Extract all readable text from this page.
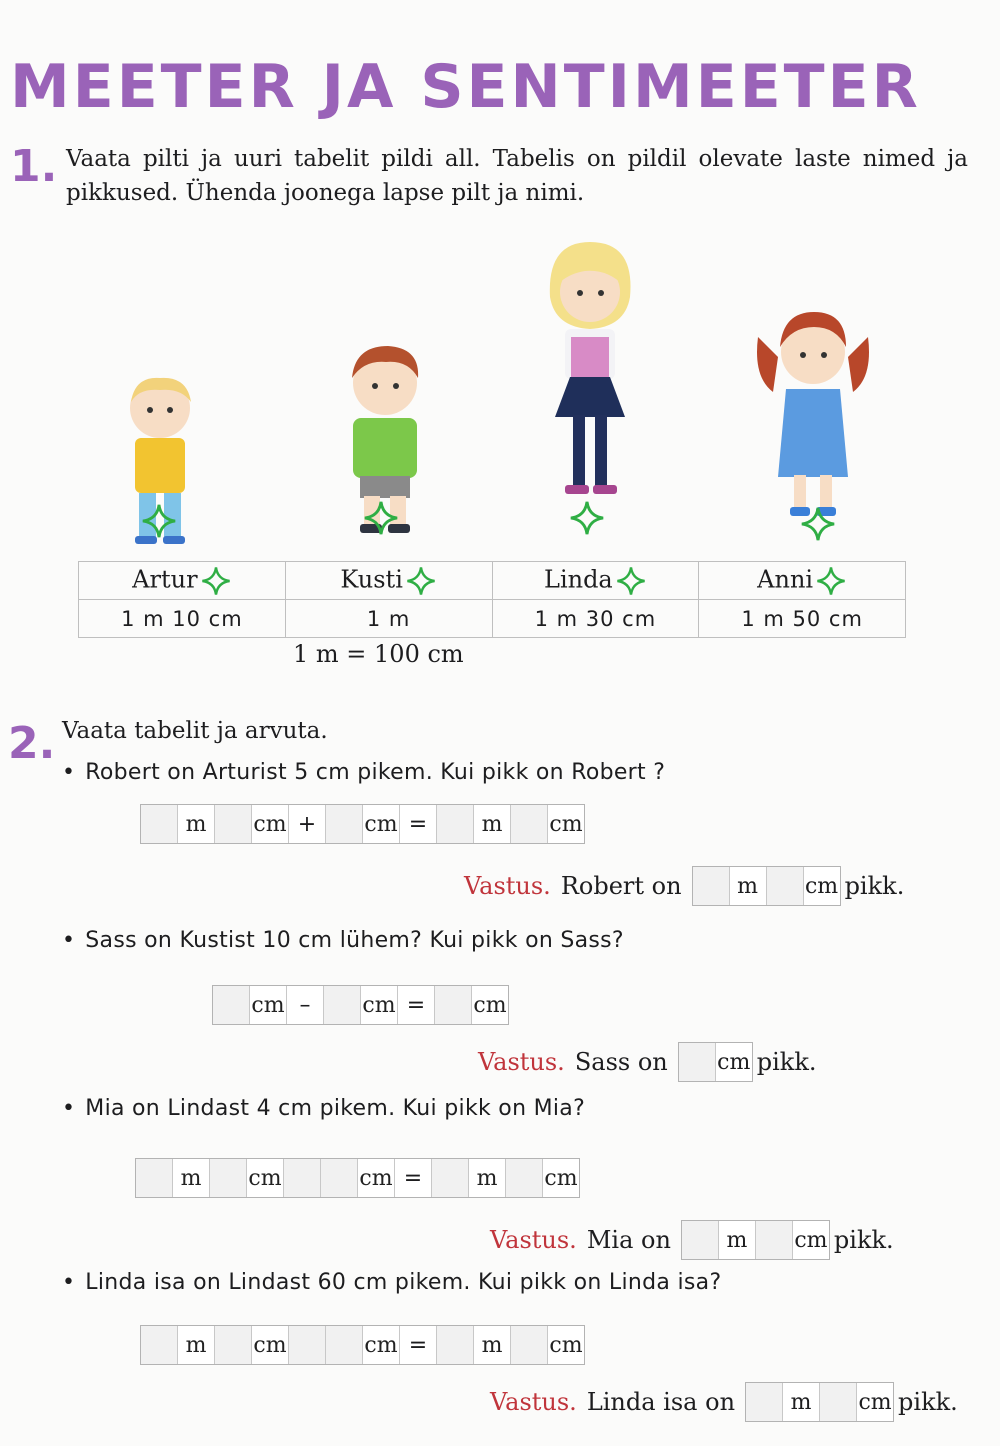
MEETER JA SENTIMEETER
1. Vaata pilti ja uuri tabelit pildi all. Tabelis on pildil olevate laste nimed ja pikkused. Ühenda joonega lapse pilt ja nimi.
Artur	Kusti	Linda	Anni
1 m 10 cm	1 m	1 m 30 cm	1 m 50 cm
1 m = 100 cm
2. Vaata tabelit ja arvuta.
• Robert on Arturist 5 cm pikem. Kui pikk on Robert ?
m	cm +	cm =	m	cm
Vastus. Robert on	m	cm pikk.
• Sass on Kustist 10 cm lühem? Kui pikk on Sass?
cm –	cm =	cm
Vastus. Sass on cm pikk.
• Mia on Lindast 4 cm pikem. Kui pikk on Mia?
m	cm	cm =	m	cm
Vastus. Mia on	m	cm pikk.
• Linda isa on Lindast 60 cm pikem. Kui pikk on Linda isa?
m	cm	cm =	m	cm
Vastus. Linda isa on	m	cm pikk.
